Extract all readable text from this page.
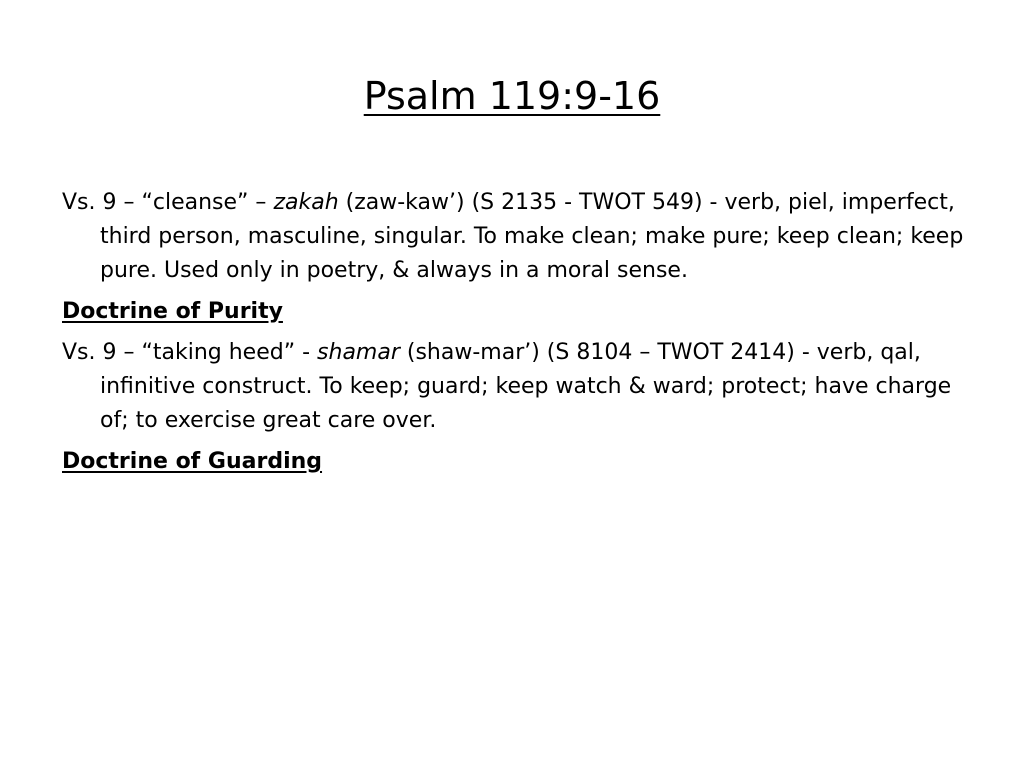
Psalm 119:9-16

Vs. 9 – “cleanse” – zakah (zaw-kaw’) (S 2135 - TWOT 549) - verb, piel, imperfect, third person, masculine, singular. To make clean; make pure; keep clean; keep pure. Used only in poetry, & always in a moral sense.

Doctrine of Purity

Vs. 9 – “taking heed” - shamar (shaw-mar’) (S 8104 – TWOT 2414) - verb, qal, infinitive construct. To keep; guard; keep watch & ward; protect; have charge of; to exercise great care over.

Doctrine of Guarding
